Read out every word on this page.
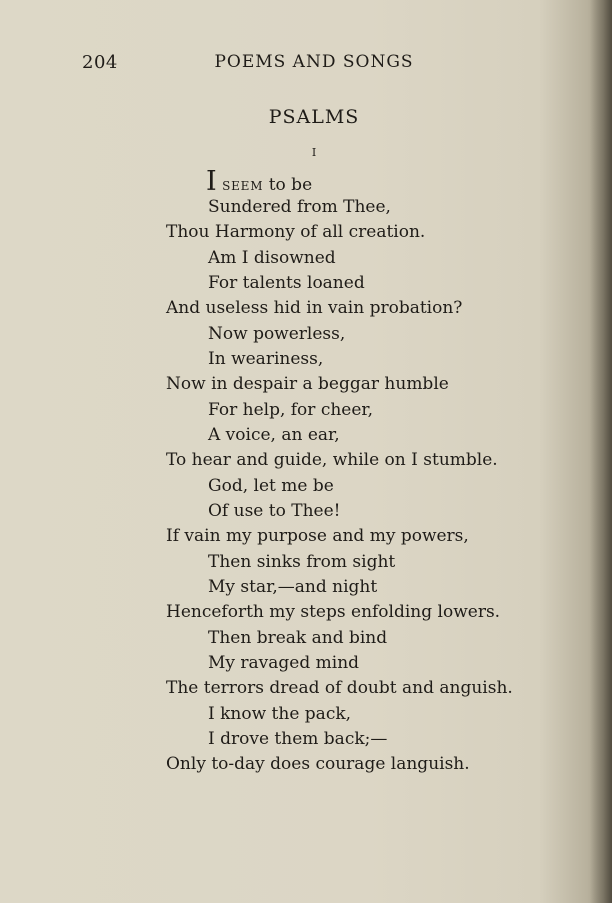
204	POEMS AND SONGS
PSALMS
I
I SEEM to be
Sundered from Thee,
Thou Harmony of all creation.
Am I disowned
For talents loaned
And useless hid in vain probation?
Now powerless,
In weariness,
Now in despair a beggar humble
For help, for cheer,
A voice, an ear,
To hear and guide, while on I stumble.
God, let me be
Of use to Thee!
If vain my purpose and my powers,
Then sinks from sight
My star,—and night
Henceforth my steps enfolding lowers.
Then break and bind
My ravaged mind
The terrors dread of doubt and anguish.
I know the pack,
I drove them back;—
Only to-day does courage languish.
